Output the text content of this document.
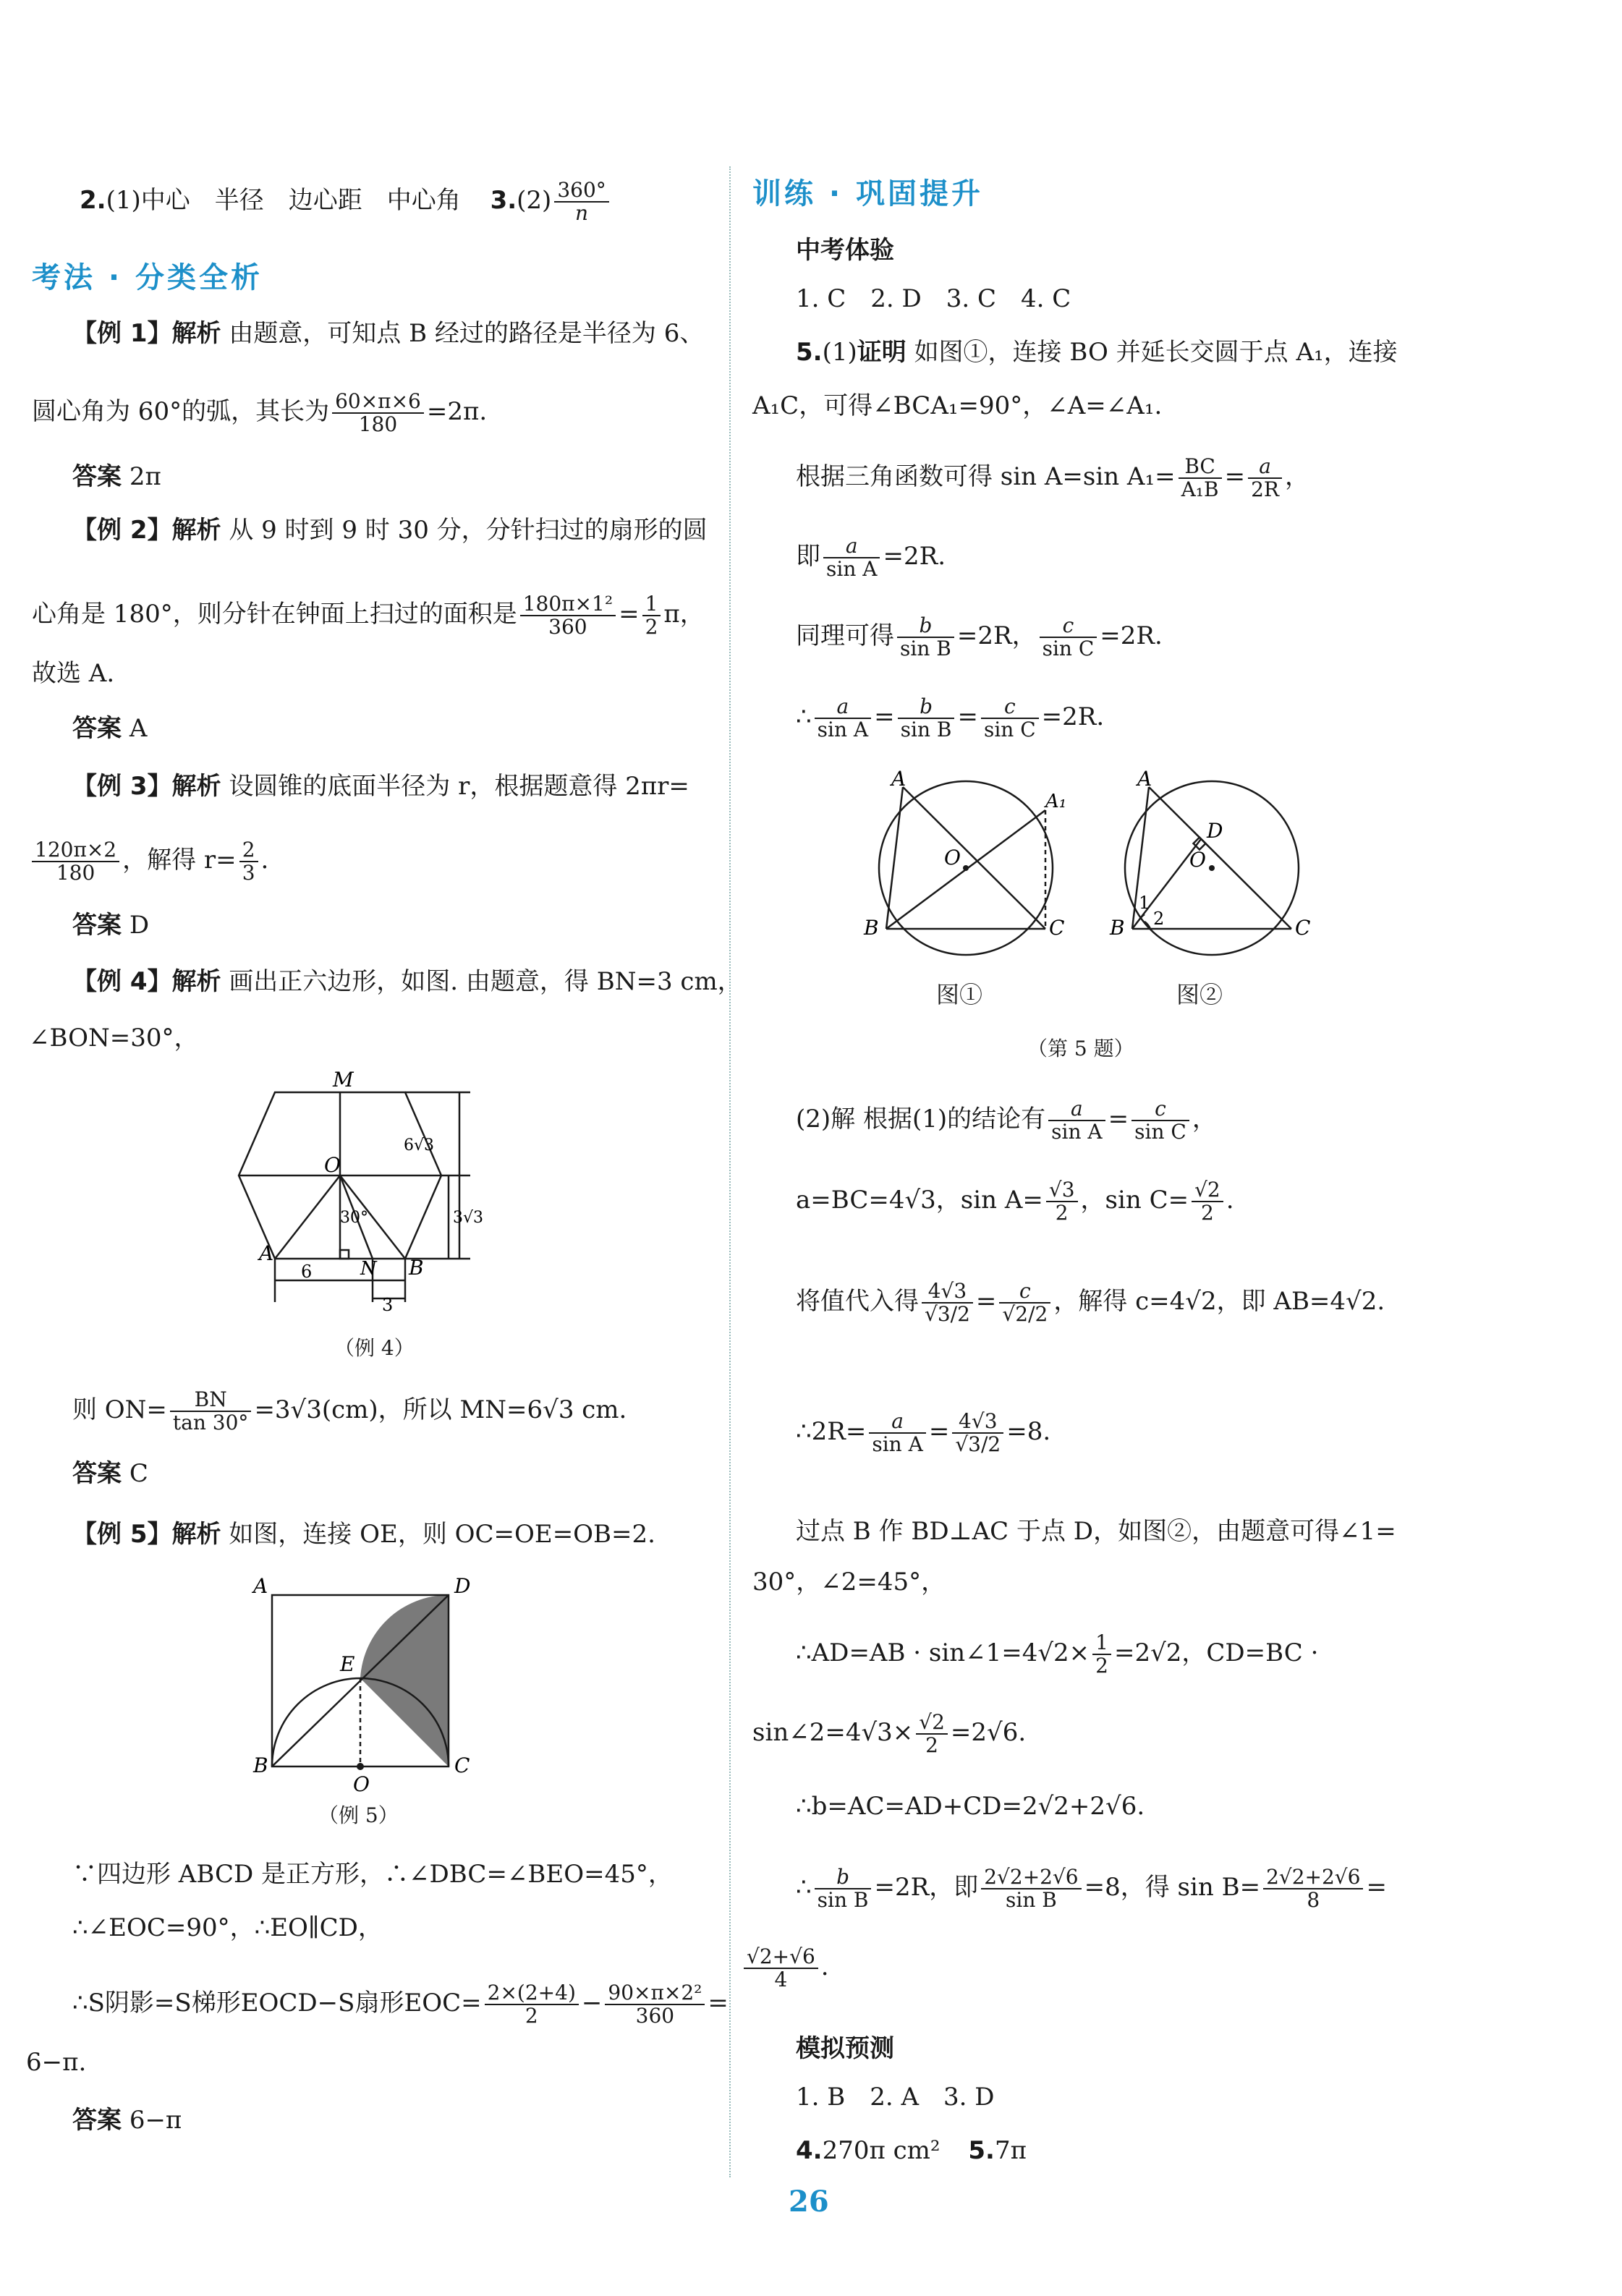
2.(1)中心　半径　边心距　中心角 $3.(2) \frac{360^\circ}{n}$
考法 · 分类全析
【例 1】解析 由题意，可知点 B 经过的路径是半径为 6、
圆心角为 60°的弧，其长为 $\frac{60\times\pi\times 6}{180} =2\pi$.
答案 2π
【例 2】解析 从 9 时到 9 时 30 分，分针扫过的扇形的圆
心角是 180°，则分针在钟面上扫过的面积是 $\frac{\text{180π×1²}}{360} = \frac{1}{2}$ π，
故选 A.
答案 A
【例 3】解析 设圆锥的底面半径为 r，根据题意得 2πr=
$\frac{120\pi\times 2}{180}$ ，解得 $r= \frac{2}{3}$ .
答案 D
【例 4】解析 画出正六边形，如图. 由题意，得 BN=3 cm，
∠BON=30°，
M
O
A
N B
30°
6√3
3√3
6
3
（例 4）
则 $ON= \frac{BN}{\tan 30^\circ} =3√3(cm)$，所以 MN=6√3 cm.
答案 C
【例 5】解析 如图，连接 OE，则 OC=OE=OB=2.
A	D
E
B
O
C
（例 5）
∵四边形 ABCD 是正方形，∴∠DBC=∠BEO=45°，
∴∠EOC=90°，∴EO∥CD，
∴S阴影=S梯形EOCD−S扇形$EOC= \frac{2\times(2+4)}{2} - \frac{\text{90×π×2²}}{360}$ =
6−π.
答案 6−π
训练 · 巩固提升
中考体验
1. C　2. D　3. C　4. C
5.(1)证明 如图①，连接 BO 并延长交圆于点 A₁，连接
A₁C，可得∠BCA₁=90°，∠A=∠A₁.
根据三角函数可得 sin A=sin $A_1= \frac{BC}{\text{A₁B}} = \frac{a}{2R}$ ，
即 $\frac{a}{\text{sin A}} =2R$.
同理可得 $\frac{b}{\text{sin B}} =2R$， $\frac{c}{\text{sin C}} =2R$.
∴ $\frac{a}{\text{sin A}} = \frac{b}{\text{sin B}} = \frac{c}{\text{sin C}} =2R$.
A
A₁
O
B	C
A
D
O
B	C
1
2
图①	图②
（第 5 题）
(2)解 根据(1)的结论有 $\frac{a}{\text{sin A}} = \frac{c}{\text{sin C}}$ ，
a=BC=4√3，$\sin A= \frac{√3}{2}$ ，$\sin C= \frac{√2}{2}$ .
将值代入得 $\frac{4√3}{√3/2} = \frac{c}{√2/2}$ ，解得 c=4√2，即 AB=4√2.
∴2R= $\frac{a}{\text{sin A}} = \frac{4√3}{√3/2} =8$.
过点 B 作 BD⊥AC 于点 D，如图②，由题意可得∠1=
30°，∠2=45°，
∴AD=AB · sin∠1=4√2× $\frac{1}{2} =2√2$，CD=BC ·
sin∠2=4√3× $\frac{√2}{2} =2√6$.
∴b=AC=AD+CD=2√2+2√6.
∴ $\frac{b}{\text{sin B}} =2R$，即 $\frac{2√2+2√6}{\text{sin B}} =8$，得 $\sin B= \frac{2√2+2√6}{8}$ =
$\frac{√2+√6}{4}$ .
模拟预测
1. B　2. A　3. D
4.270π cm² 5.7π
26
